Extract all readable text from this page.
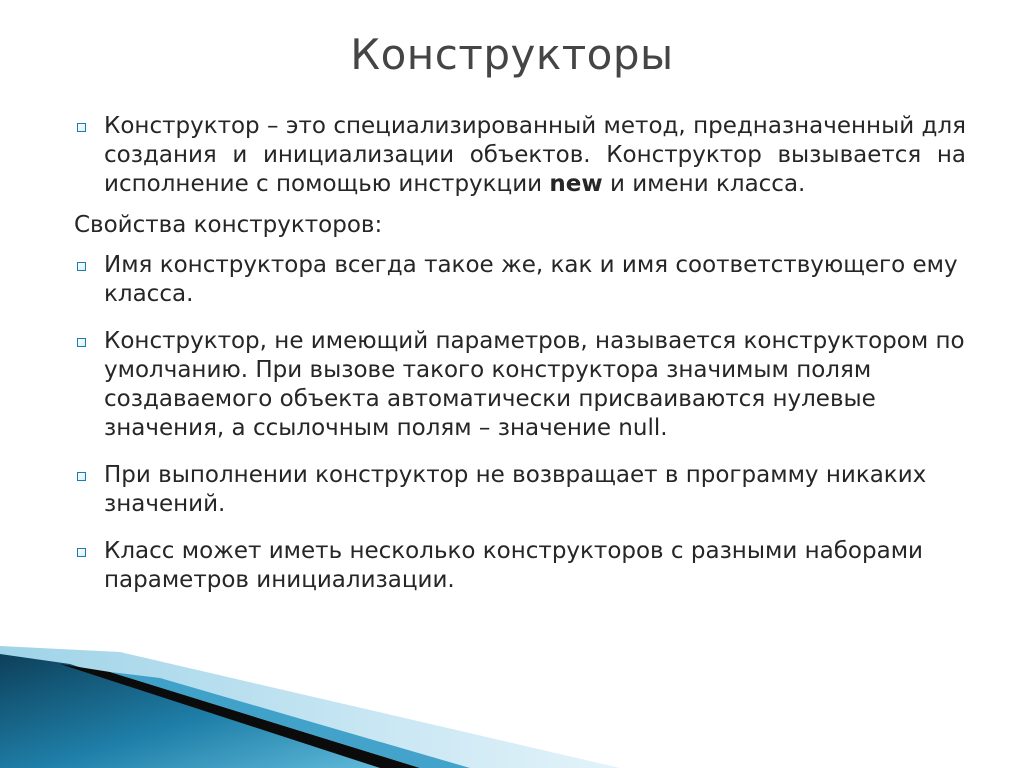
Конструкторы
Конструктор – это специализированный метод, предназначенный для создания и инициализации объектов. Конструктор вызывается на исполнение с помощью инструкции new и имени класса.
Свойства конструкторов:
Имя конструктора всегда такое же, как и имя соответствующего ему класса.
Конструктор, не имеющий параметров, называется конструктором по умолчанию. При вызове такого конструктора значимым полям создаваемого объекта автоматически присваиваются нулевые значения, а ссылочным полям – значение null.
При выполнении конструктор не возвращает в программу никаких значений.
Класс может иметь несколько конструкторов с разными наборами параметров инициализации.
